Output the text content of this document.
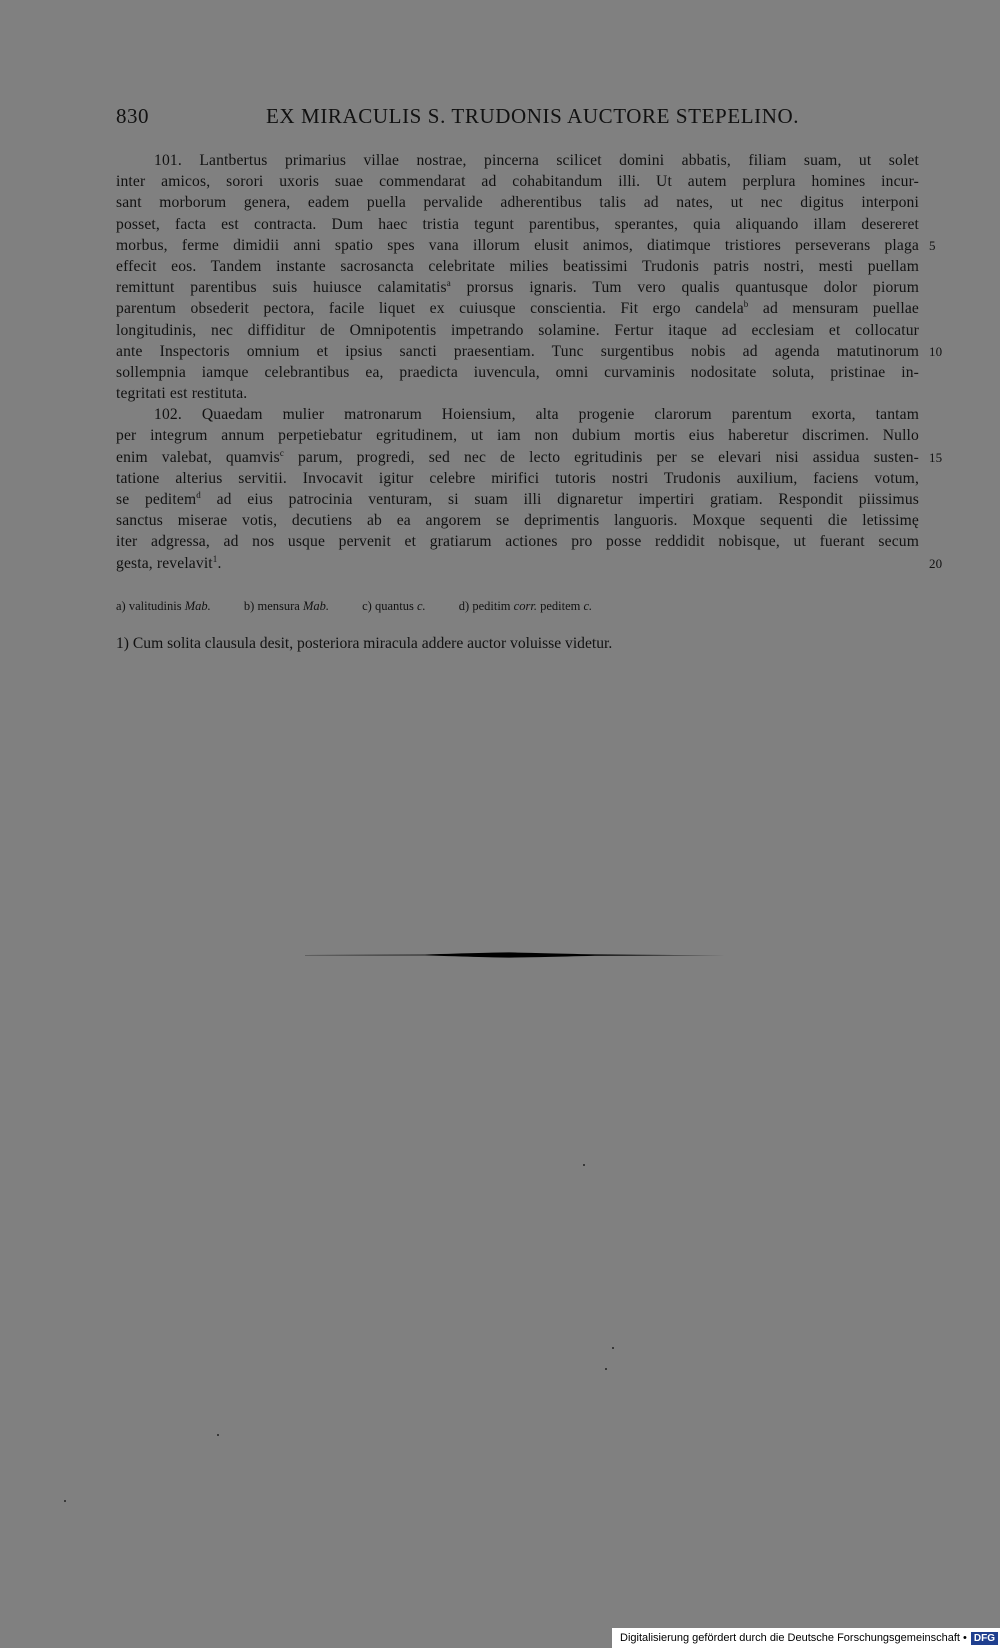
830	EX MIRACULIS S. TRUDONIS AUCTORE STEPELINO.
101. Lantbertus primarius villae nostrae, pincerna scilicet domini abbatis, filiam suam, ut solet
inter amicos, sorori uxoris suae commendarat ad cohabitandum illi. Ut autem perplura homines incur-
sant morborum genera, eadem puella pervalide adherentibus talis ad nates, ut nec digitus interponi
posset, facta est contracta. Dum haec tristia tegunt parentibus, sperantes, quia aliquando illam desereret
morbus, ferme dimidii anni spatio spes vana illorum elusit animos, diatimque tristiores perseverans plaga 5
effecit eos. Tandem instante sacrosancta celebritate milies beatissimi Trudonis patris nostri, mesti puellam
remittunt parentibus suis huiusce calamitatis$^a$ prorsus ignaris. Tum vero qualis quantusque dolor piorum
parentum obsederit pectora, facile liquet ex cuiusque conscientia. Fit ergo candela$^b$ ad mensuram puellae
longitudinis, nec diffiditur de Omnipotentis impetrando solamine. Fertur itaque ad ecclesiam et collocatur
ante Inspectoris omnium et ipsius sancti praesentiam. Tunc surgentibus nobis ad agenda matutinorum 10
sollempnia iamque celebrantibus ea, praedicta iuvencula, omni curvaminis nodositate soluta, pristinae in-
tegritati est restituta.
102. Quaedam mulier matronarum Hoiensium, alta progenie clarorum parentum exorta, tantam
per integrum annum perpetiebatur egritudinem, ut iam non dubium mortis eius haberetur discrimen. Nullo
enim valebat, quamvis$^c$ parum, progredi, sed nec de lecto egritudinis per se elevari nisi assidua susten- 15
tatione alterius servitii. Invocavit igitur celebre mirifici tutoris nostri Trudonis auxilium, faciens votum,
se peditem$^d$ ad eius patrocinia venturam, si suam illi dignaretur impertiri gratiam. Respondit piissimus
sanctus miserae votis, decutiens ab ea angorem se deprimentis languoris. Moxque sequenti die letissimę
iter adgressa, ad nos usque pervenit et gratiarum actiones pro posse reddidit nobisque, ut fuerant secum
gesta, revelavit$^1$.	20
a) valitudinis Mab.	b) mensura Mab.	c) quantus c.	d) peditim corr. peditem c.
1) Cum solita clausula desit, posteriora miracula addere auctor voluisse videtur.
Digitalisierung gefördert durch die Deutsche Forschungsgemeinschaft • DFG
